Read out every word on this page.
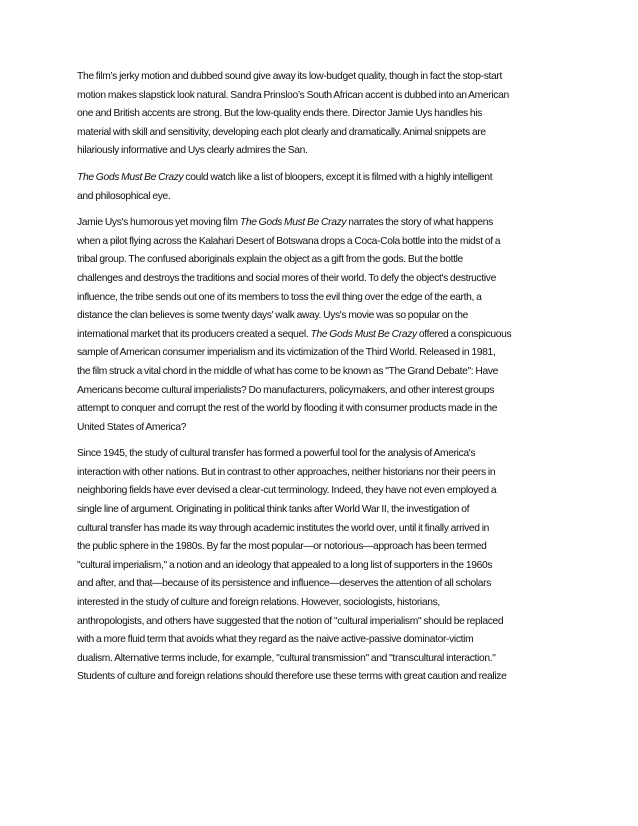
The film’s jerky motion and dubbed sound give away its low-budget quality, though in fact the stop-start
motion makes slapstick look natural. Sandra Prinsloo’s South African accent is dubbed into an American
one and British accents are strong. But the low-quality ends there. Director Jamie Uys handles his
material with skill and sensitivity, developing each plot clearly and dramatically. Animal snippets are
hilariously informative and Uys clearly admires the San.
The Gods Must Be Crazy could watch like a list of bloopers, except it is filmed with a highly intelligent
and philosophical eye.
Jamie Uys's humorous yet moving film The Gods Must Be Crazy narrates the story of what happens
when a pilot flying across the Kalahari Desert of Botswana drops a Coca-Cola bottle into the midst of a
tribal group. The confused aboriginals explain the object as a gift from the gods. But the bottle
challenges and destroys the traditions and social mores of their world. To defy the object's destructive
influence, the tribe sends out one of its members to toss the evil thing over the edge of the earth, a
distance the clan believes is some twenty days' walk away. Uys's movie was so popular on the
international market that its producers created a sequel. The Gods Must Be Crazy offered a conspicuous
sample of American consumer imperialism and its victimization of the Third World. Released in 1981,
the film struck a vital chord in the middle of what has come to be known as "The Grand Debate": Have
Americans become cultural imperialists? Do manufacturers, policymakers, and other interest groups
attempt to conquer and corrupt the rest of the world by flooding it with consumer products made in the
United States of America?
Since 1945, the study of cultural transfer has formed a powerful tool for the analysis of America's
interaction with other nations. But in contrast to other approaches, neither historians nor their peers in
neighboring fields have ever devised a clear-cut terminology. Indeed, they have not even employed a
single line of argument. Originating in political think tanks after World War II, the investigation of
cultural transfer has made its way through academic institutes the world over, until it finally arrived in
the public sphere in the 1980s. By far the most popular—or notorious—approach has been termed
"cultural imperialism," a notion and an ideology that appealed to a long list of supporters in the 1960s
and after, and that—because of its persistence and influence—deserves the attention of all scholars
interested in the study of culture and foreign relations. However, sociologists, historians,
anthropologists, and others have suggested that the notion of "cultural imperialism" should be replaced
with a more fluid term that avoids what they regard as the naive active-passive dominator-victim
dualism. Alternative terms include, for example, "cultural transmission" and "transcultural interaction."
Students of culture and foreign relations should therefore use these terms with great caution and realize
